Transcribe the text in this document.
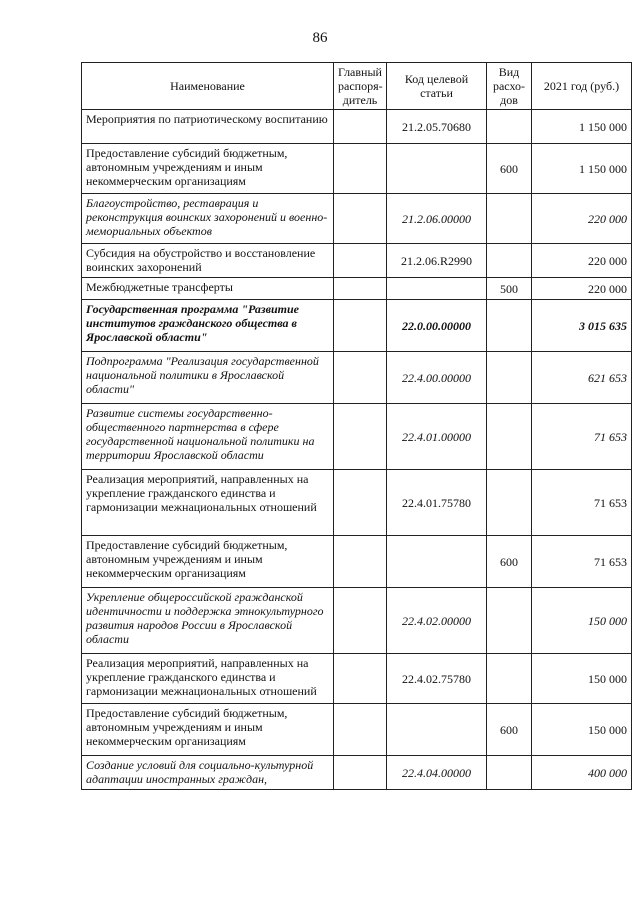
86
Наименование	Главный распоря-дитель	Код целевой статьи	Вид расхо-дов	2021 год (руб.)
Мероприятия по патриотическому воспитанию		21.2.05.70680		1 150 000
Предоставление субсидий бюджетным, автономным учреждениям и иным некоммерческим организациям			600	1 150 000
Благоустройство, реставрация и реконструкция воинских захоронений и военно-мемориальных объектов		21.2.06.00000		220 000
Субсидия на обустройство и восстановление воинских захоронений		21.2.06.R2990		220 000
Межбюджетные трансферты			500	220 000
Государственная программа "Развитие институтов гражданского общества в Ярославской области"		22.0.00.00000		3 015 635
Подпрограмма "Реализация государственной национальной политики в Ярославской области"		22.4.00.00000		621 653
Развитие системы государственно-общественного партнерства в сфере государственной национальной политики на территории Ярославской области		22.4.01.00000		71 653
Реализация мероприятий, направленных на укрепление гражданского единства и гармонизации межнациональных отношений		22.4.01.75780		71 653
Предоставление субсидий бюджетным, автономным учреждениям и иным некоммерческим организациям			600	71 653
Укрепление общероссийской гражданской идентичности и поддержка этнокультурного развития народов России в Ярославской области		22.4.02.00000		150 000
Реализация мероприятий, направленных на укрепление гражданского единства и гармонизации межнациональных отношений		22.4.02.75780		150 000
Предоставление субсидий бюджетным, автономным учреждениям и иным некоммерческим организациям			600	150 000
Создание условий для социально-культурной адаптации иностранных граждан,		22.4.04.00000		400 000
